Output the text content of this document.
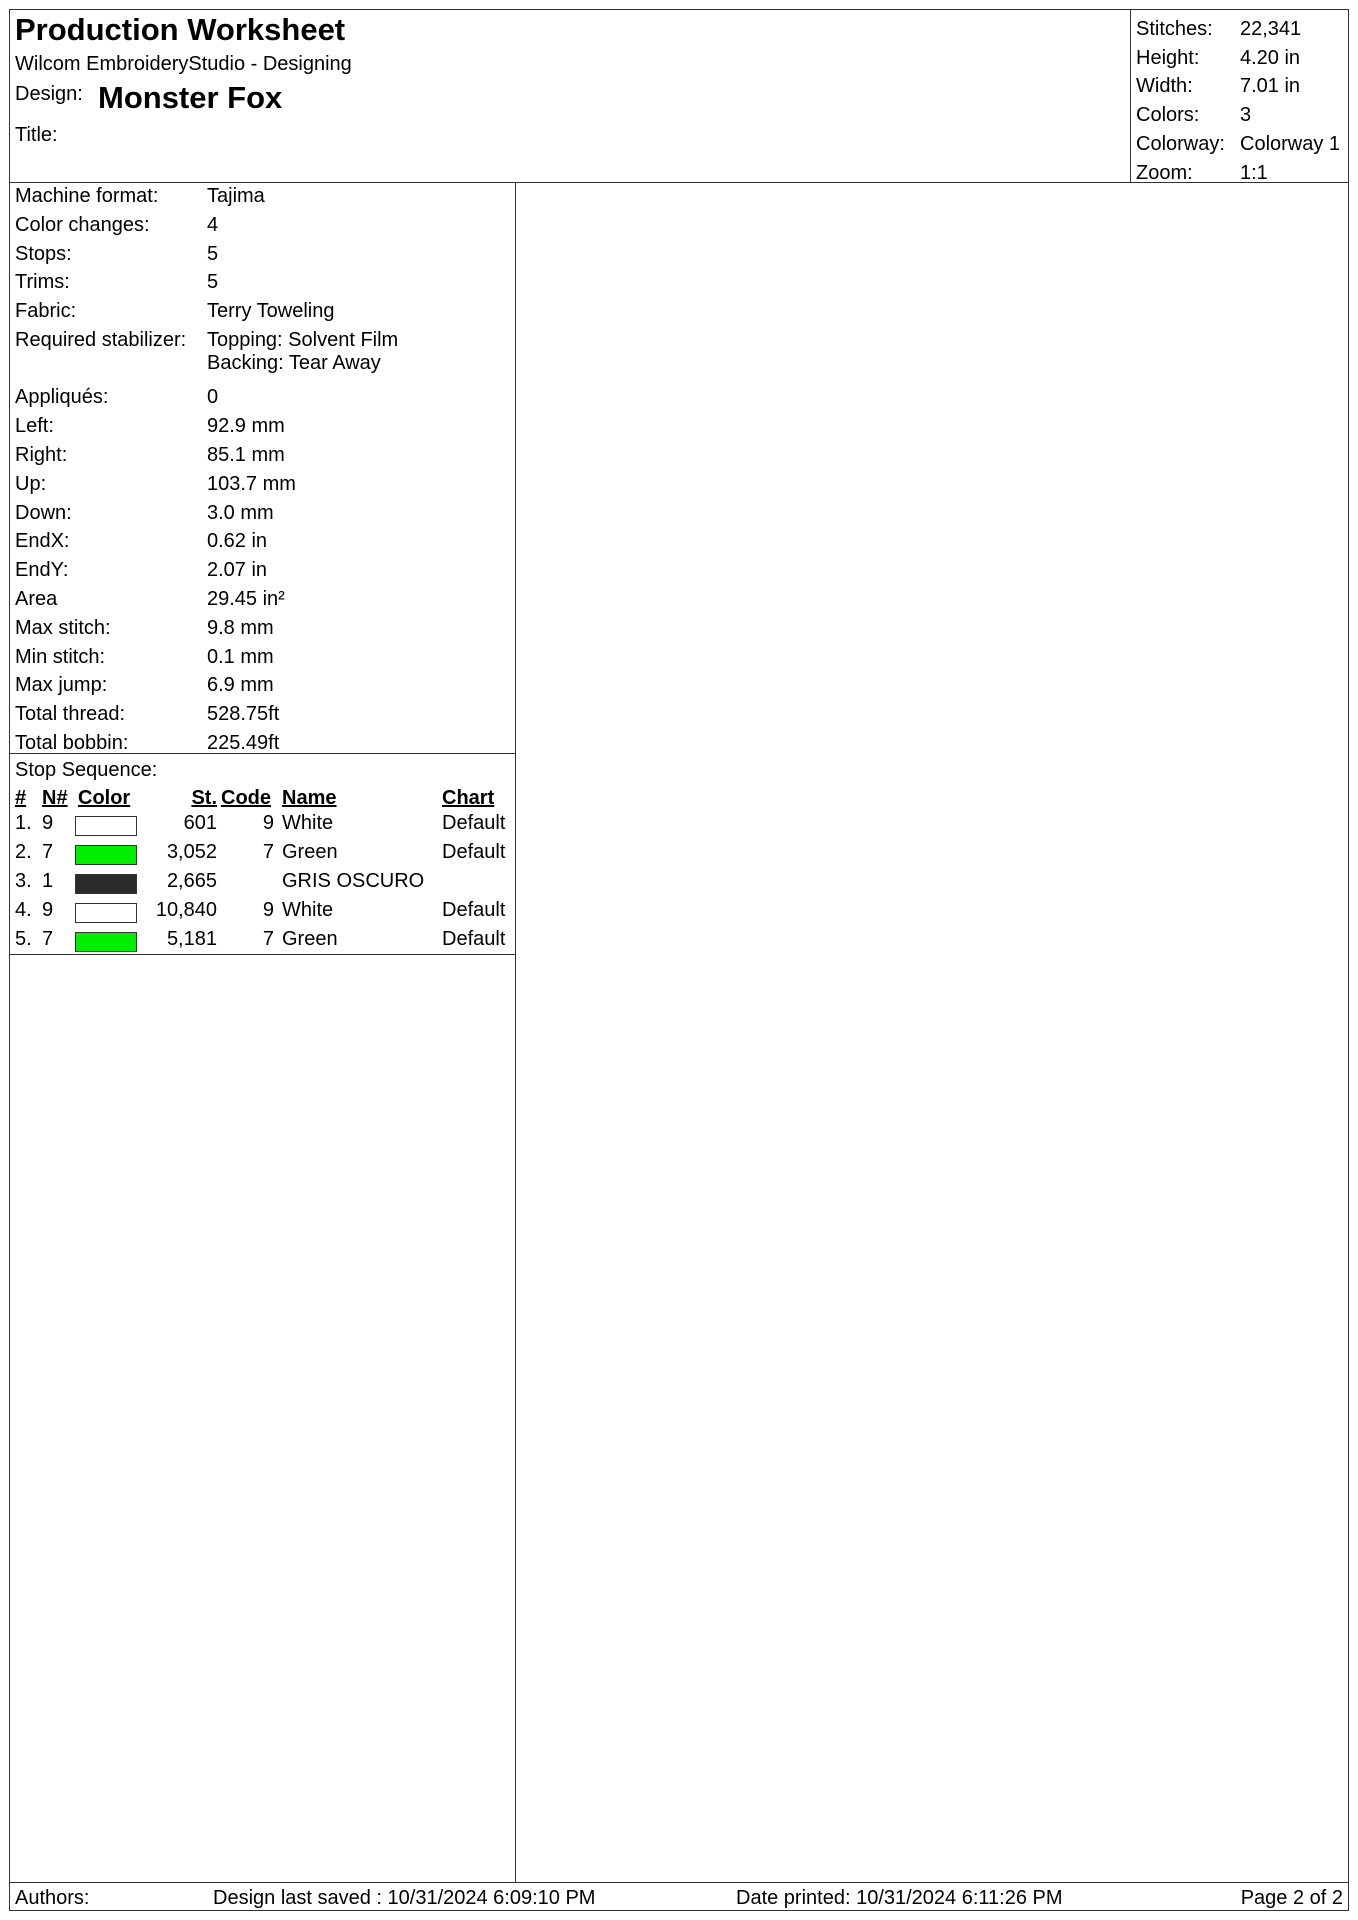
Production Worksheet
Wilcom EmbroideryStudio - Designing
Design: Monster Fox
Title:
Stitches: 22,341
Height: 4.20 in
Width: 7.01 in
Colors: 3
Colorway: Colorway 1
Zoom: 1:1
Machine format: Tajima
Color changes:	4
Stops:	5
Trims:	5
Fabric:	Terry Toweling
Required stabilizer: Topping: Solvent Film
Backing: Tear Away
Appliqués:	0
Left:	92.9 mm
Right:	85.1 mm
Up:	103.7 mm
Down:	3.0 mm
EndX:	0.62 in
EndY:	2.07 in
Area	29.45 in²
Max stitch:	9.8 mm
Min stitch:	0.1 mm
Max jump:	6.9 mm
Total thread:	528.75ft
Total bobbin:	225.49ft
Stop Sequence:
# N# Color	St. Code Name	Chart
1. 9	601	9 White	Default
2. 7	3,052	7 Green	Default
3. 1	2,665	GRIS OSCURO
4. 9	10,840	9 White	Default
5. 7	5,181	7 Green	Default
Authors:	Design last saved : 10/31/2024 6:09:10 PM	Date printed: 10/31/2024 6:11:26 PM	Page 2 of 2
